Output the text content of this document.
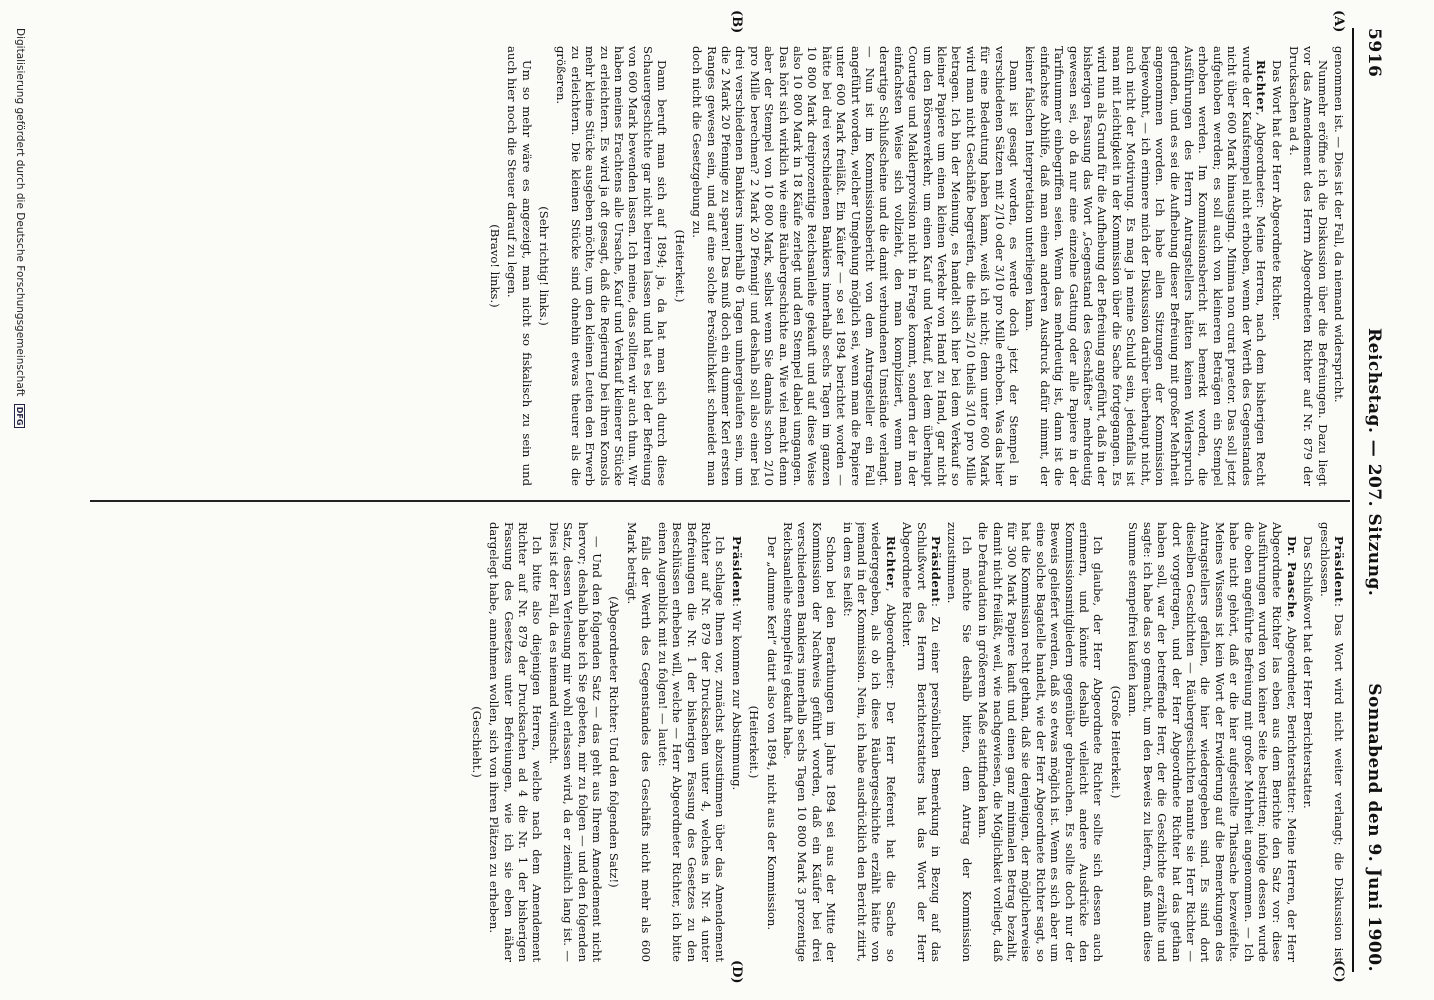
5916
Reichstag. — 207. Sitzung.
Sonnabend den 9. Juni 1900.
(A)
(B)
(C)
(D)

genommen ist. — Dies ist der Fall, da niemand widerspricht.

Nunmehr eröffne ich die Diskussion über die Befreiungen. Dazu liegt vor das Amendement des Herrn Abgeordneten Richter auf Nr. 879 der Drucksachen ad 4.

Das Wort hat der Herr Abgeordnete Richter.

Richter, Abgeordneter: Meine Herren, nach dem bisherigen Recht wurde der Kaufstempel nicht erhoben, wenn der Werth des Gegenstandes nicht über 600 Mark hinausging. Minima non curat praetor. Das soll jetzt aufgehoben werden; es soll auch von kleineren Beträgen ein Stempel erhoben werden. Im Kommissionsbericht ist bemerkt worden, die Ausführungen des Herrn Antragstellers hätten keinen Widerspruch gefunden, und es sei die Aufhebung dieser Befreiung mit großer Mehrheit angenommen worden. Ich habe allen Sitzungen der Kommission beigewohnt, — ich erinnere mich der Diskussion darüber überhaupt nicht, auch nicht der Motivirung. Es mag ja meine Schuld sein, jedenfalls ist man mit Leichtigkeit in der Kommission über die Sache fortgegangen. Es wird nun als Grund für die Aufhebung der Befreiung angeführt, daß in der bisherigen Fassung das Wort „Gegenstand des Geschäftes“ mehrdeutig gewesen sei, ob da nur eine einzelne Gattung oder alle Papiere in der Tarifnummer einbegriffen seien. Wenn das mehrdeutig ist, dann ist die einfachste Abhilfe, daß man einen anderen Ausdruck dafür nimmt, der keiner falschen Interpretation unterliegen kann.

Dann ist gesagt worden, es werde doch jetzt der Stempel in verschiedenen Sätzen mit 2/10 oder 3/10 pro Mille erhoben. Was das hier für eine Bedeutung haben kann, weiß ich nicht; denn unter 600 Mark wird man nicht Geschäfte begreifen, die theils 2/10 theils 3/10 pro Mille betragen. Ich bin der Meinung, es handelt sich hier bei dem Verkauf so kleiner Papiere um einen kleinen Verkehr von Hand zu Hand, gar nicht um den Börsenverkehr, um einen Kauf und Verkauf, bei dem überhaupt Courtage und Maklerprovision nicht in Frage kommt, sondern der in der einfachsten Weise sich vollzieht, den man kompliziert, wenn man derartige Schlußscheine und die damit verbundenen Umstände verlangt. — Nun ist im Kommissionsbericht von dem Antragsteller ein Fall angeführt worden, welcher Umgehung möglich sei, wenn man die Papiere unter 600 Mark freiläßt. Ein Käufer — so sei 1894 berichtet worden — hätte bei drei verschiedenen Bankiers innerhalb sechs Tagen im ganzen 10 800 Mark dreiprozentige Reichsanleihe gekauft und auf diese Weise also 10 800 Mark in 18 Käufe zerlegt und den Stempel dabei umgangen. Das hört sich wirklich wie eine Räubergeschichte an. Wie viel macht denn aber der Stempel von 10 800 Mark, selbst wenn Sie damals schon 2/10 pro Mille berechnen? 2 Mark 20 Pfennig! und deshalb soll also einer bei drei verschiedenen Bankiers innerhalb 6 Tagen umhergelaufen sein, um die 2 Mark 20 Pfennige zu sparen! Das muß doch ein dummer Kerl ersten Ranges gewesen sein, und auf eine solche Persönlichkeit schneidet man doch nicht die Gesetzgebung zu.

(Heiterkeit.)

Dann beruft man sich auf 1894; ja, da hat man sich durch diese Schauergeschichte gar nicht beirren lassen und hat es bei der Befreiung von 600 Mark bewenden lassen. Ich meine, das sollten wir auch thun. Wir haben meines Erachtens alle Ursache, Kauf und Verkauf kleinerer Stücke zu erleichtern. Es wird ja oft gesagt, daß die Regierung bei ihren Konsols mehr kleine Stücke ausgeben möchte, um den kleinen Leuten den Erwerb zu erleichtern. Die kleinen Stücke sind ohnehin etwas theurer als die größeren.

(Sehr richtig! links.)

Um so mehr wäre es angezeigt, man nicht so fiskalisch zu sein und auch hier noch die Steuer darauf zu legen.

(Bravo! links.)

Präsident: Das Wort wird nicht weiter verlangt; die Diskussion ist geschlossen.

Das Schlußwort hat der Herr Berichterstatter.

Dr. Paasche, Abgeordneter, Berichterstatter: Meine Herren, der Herr Abgeordnete Richter las eben aus dem Berichte den Satz vor: diese Ausführungen wurden von keiner Seite bestritten; infolge dessen wurde die oben angeführte Befreiung mit großer Mehrheit angenommen. — Ich habe nicht gehört, daß er die hier aufgestellte Thatsache bezweifelte. Meines Wissens ist kein Wort der Erwiderung auf die Bemerkungen des Antragstellers gefallen, die hier wiedergegeben sind. Es sind dort dieselben Geschichten — Räubergeschichten nannte sie Herr Richter — dort vorgetragen, und der Herr Abgeordnete Richter hat das gethan haben soll, war der betreffende Herr, der die Geschichte erzählte und sagte: ich habe das so gemacht, um den Beweis zu liefern, daß man diese Summe stempelfrei kaufen kann.

(Große Heiterkeit.)

Ich glaube, der Herr Abgeordnete Richter sollte sich dessen auch erinnern, und könnte deshalb vielleicht andere Ausdrücke den Kommissionsmitgliedern gegenüber gebrauchen. Es sollte doch nur der Beweis geliefert werden, daß so etwas möglich ist. Wenn es sich aber um eine solche Bagatelle handelt, wie der Herr Abgeordnete Richter sagt, so hat die Kommission recht gethan, daß sie denjenigen, der möglicherweise für 300 Mark Papiere kauft und einen ganz minimalen Betrag bezahlt, damit nicht freiläßt, weil, wie nachgewiesen, die Möglichkeit vorliegt, daß die Defraudation in größerem Maße stattfinden kann.

Ich möchte Sie deshalb bitten, dem Antrag der Kommission zuzustimmen.

Präsident: Zu einer persönlichen Bemerkung in Bezug auf das Schlußwort des Herrn Berichterstatters hat das Wort der Herr Abgeordnete Richter.

Richter, Abgeordneter: Der Herr Referent hat die Sache so wiedergegeben, als ob ich diese Räubergeschichte erzählt hätte von jemand in der Kommission. Nein, ich habe ausdrücklich den Bericht zitirt, in dem es heißt:

Schon bei den Berathungen im Jahre 1894 sei aus der Mitte der Kommission der Nachweis geführt worden, daß ein Käufer bei drei verschiedenen Bankiers innerhalb sechs Tagen 10 800 Mark 3 prozentige Reichsanleihe stempelfrei gekauft habe.

Der „dumme Kerl“ datirt also von 1894, nicht aus der Kommission.

(Heiterkeit.)

Präsident: Wir kommen zur Abstimmung.

Ich schlage Ihnen vor, zunächst abzustimmen über das Amendement Richter auf Nr. 879 der Drucksachen unter 4, welches in Nr. 4 unter Befreiungen die Nr. 1 der bisherigen Fassung des Gesetzes zu den Beschlüssen erheben will, welche — Herr Abgeordneter Richter, ich bitte einen Augenblick mit zu folgen! — lautet:

falls der Werth des Gegenstandes des Geschäfts nicht mehr als 600 Mark beträgt.

(Abgeordneter Richter: Und den folgenden Satz!)

— Und den folgenden Satz — das geht aus Ihrem Amendement nicht hervor; deshalb habe ich Sie gebeten, mir zu folgen — und den folgenden Satz, dessen Verlesung mir wohl erlassen wird, da er ziemlich lang ist. — Dies ist der Fall, da es niemand wünscht.

Ich bitte also diejenigen Herren, welche nach dem Amendement Richter auf Nr. 879 der Drucksachen ad 4 die Nr. 1 der bisherigen Fassung des Gesetzes unter Befreiungen, wie ich sie eben näher dargelegt habe, annehmen wollen, sich von ihren Plätzen zu erheben.

(Geschieht.)

Digitalisierung gefördert durch die Deutsche Forschungsgemeinschaft DFG
